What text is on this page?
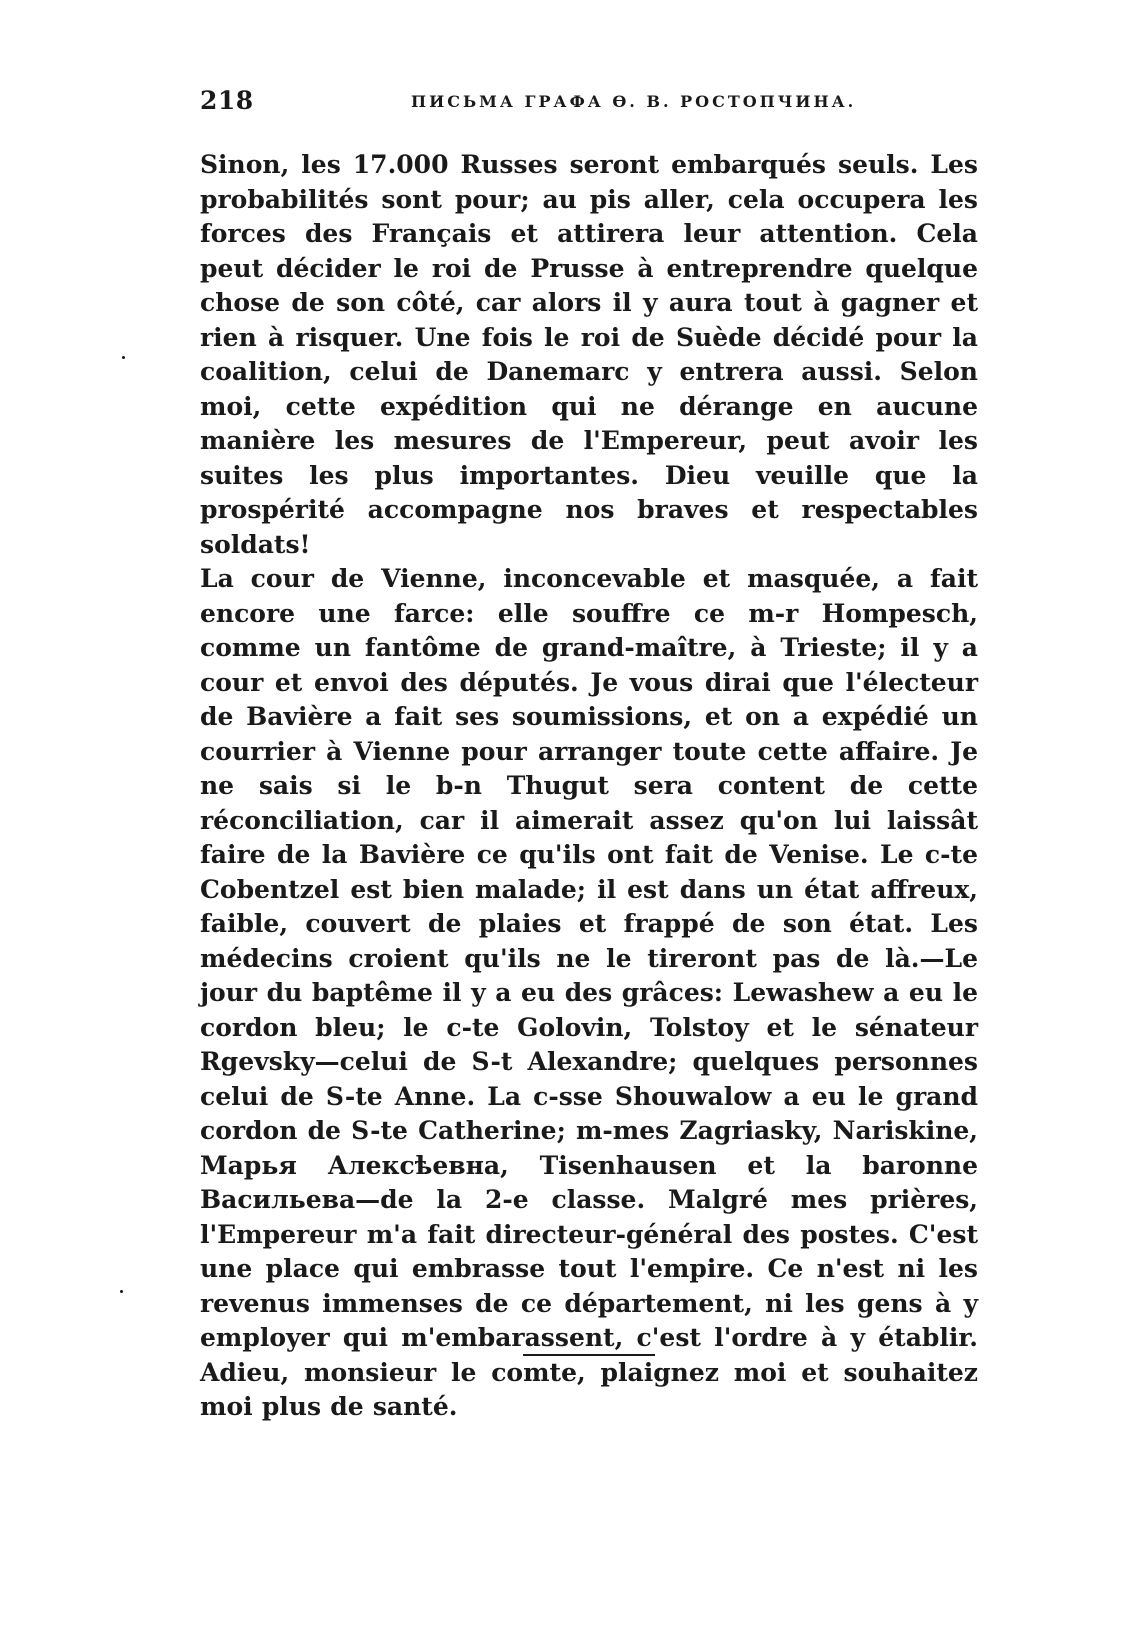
218	ПИСЬМА ГРАФА Ө. В. РОСТОПЧИНА.

Sinon, les 17.000 Russes seront embarqués seuls. Les probabilités sont pour; au pis aller, cela occupera les forces des Français et attirera leur attention. Cela peut décider le roi de Prusse à entreprendre quelque chose de son côté, car alors il y aura tout à gagner et rien à risquer. Une fois le roi de Suède décidé pour la coalition, celui de Danemarc y entrera aussi. Selon moi, cette expédition qui ne dérange en aucune manière les mesures de l'Empereur, peut avoir les suites les plus importantes. Dieu veuille que la prospérité accompagne nos braves et respectables soldats!

La cour de Vienne, inconcevable et masquée, a fait encore une farce: elle souffre ce m-r Hompesch, comme un fantôme de grand-maître, à Trieste; il y a cour et envoi des députés. Je vous dirai que l'électeur de Bavière a fait ses soumissions, et on a expédié un courrier à Vienne pour arranger toute cette affaire. Je ne sais si le b-n Thugut sera content de cette réconciliation, car il aimerait assez qu'on lui laissât faire de la Bavière ce qu'ils ont fait de Venise. Le c-te Cobentzel est bien malade; il est dans un état affreux, faible, couvert de plaies et frappé de son état. Les médecins croient qu'ils ne le tireront pas de là.—Le jour du baptême il y a eu des grâces: Lewashew a eu le cordon bleu; le c-te Golovin, Tolstoy et le sénateur Rgevsky—celui de S-t Alexandre; quelques personnes celui de S-te Anne. La c-sse Shouwalow a eu le grand cordon de S-te Catherine; m-mes Zagriasky, Nariskine, Марья Алексѣевна, Tisenhausen et la baronne Васильева—de la 2-e classe. Malgré mes prières, l'Empereur m'a fait directeur-général des postes. C'est une place qui embrasse tout l'empire. Ce n'est ni les revenus immenses de ce département, ni les gens à y employer qui m'embarassent, c'est l'ordre à y établir. Adieu, monsieur le comte, plaignez moi et souhaitez moi plus de santé.
